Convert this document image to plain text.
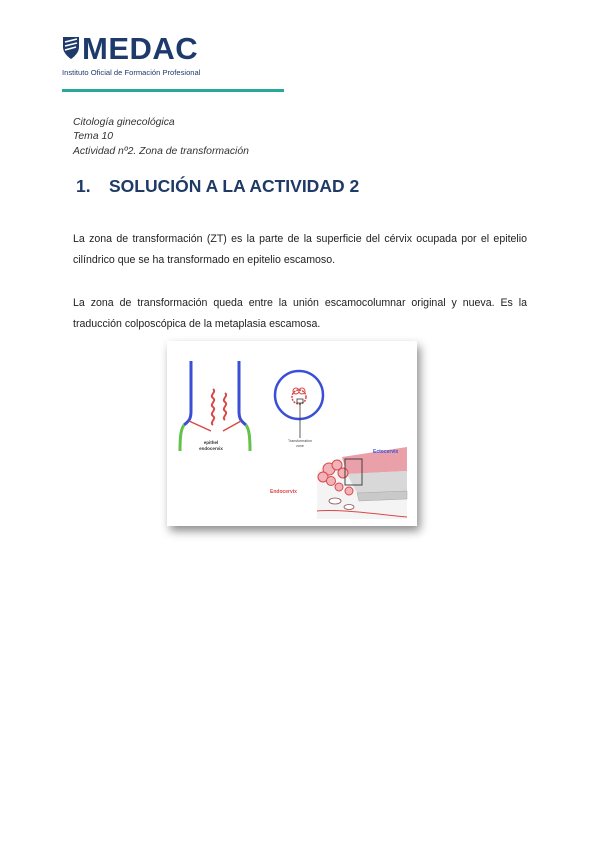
MEDAC
Instituto Oficial de Formación Profesional
Citología ginecológica
Tema 10
Actividad nº2. Zona de transformación
1. SOLUCIÓN A LA ACTIVIDAD 2

La zona de transformación (ZT) es la parte de la superficie del cérvix ocupada por el epitelio cilíndrico que se ha transformado en epitelio escamoso.

La zona de transformación queda entre la unión escamocolumnar original y nueva. Es la traducción colposcópica de la metaplasia escamosa.

epithel
endocervix
Transformation
zone
Ectocervix
Endocervix
